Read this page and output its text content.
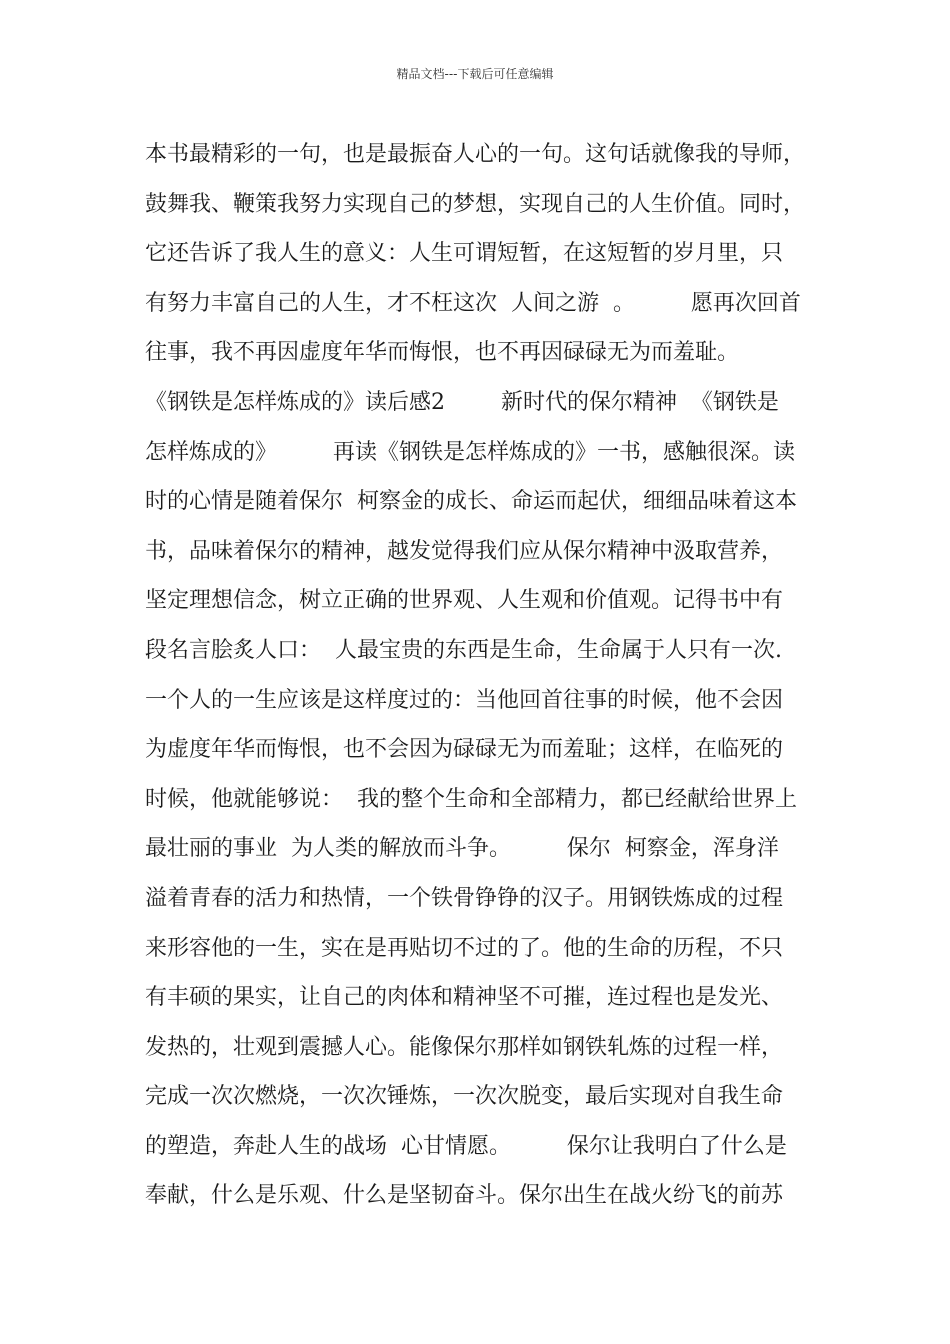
精品文档---下载后可任意编辑
本书最精彩的一句，也是最振奋人心的一句。这句话就像我的导师，
鼓舞我、鞭策我努力实现自己的梦想，实现自己的人生价值。同时，
它还告诉了我人生的意义：人生可谓短暂，在这短暂的岁月里，只
有努力丰富自己的人生，才不枉这次  人间之游  。        愿再次回首
往事，我不再因虚度年华而悔恨，也不再因碌碌无为而羞耻。
《钢铁是怎样炼成的》读后感2        新时代的保尔精神  《钢铁是
怎样炼成的》        再读《钢铁是怎样炼成的》一书，感触很深。读
时的心情是随着保尔  柯察金的成长、命运而起伏，细细品味着这本
书，品味着保尔的精神，越发觉得我们应从保尔精神中汲取营养，
坚定理想信念，树立正确的世界观、人生观和价值观。记得书中有
段名言脍炙人口：  人最宝贵的东西是生命，生命属于人只有一次.
一个人的一生应该是这样度过的：当他回首往事的时候，他不会因
为虚度年华而悔恨，也不会因为碌碌无为而羞耻；这样，在临死的
时候，他就能够说：  我的整个生命和全部精力，都已经献给世界上
最壮丽的事业  为人类的解放而斗争。        保尔  柯察金，浑身洋
溢着青春的活力和热情，一个铁骨铮铮的汉子。用钢铁炼成的过程
来形容他的一生，实在是再贴切不过的了。他的生命的历程，不只
有丰硕的果实，让自己的肉体和精神坚不可摧，连过程也是发光、
发热的，壮观到震撼人心。能像保尔那样如钢铁轧炼的过程一样，
完成一次次燃烧，一次次锤炼，一次次脱变，最后实现对自我生命
的塑造，奔赴人生的战场  心甘情愿。        保尔让我明白了什么是
奉献，什么是乐观、什么是坚韧奋斗。保尔出生在战火纷飞的前苏
